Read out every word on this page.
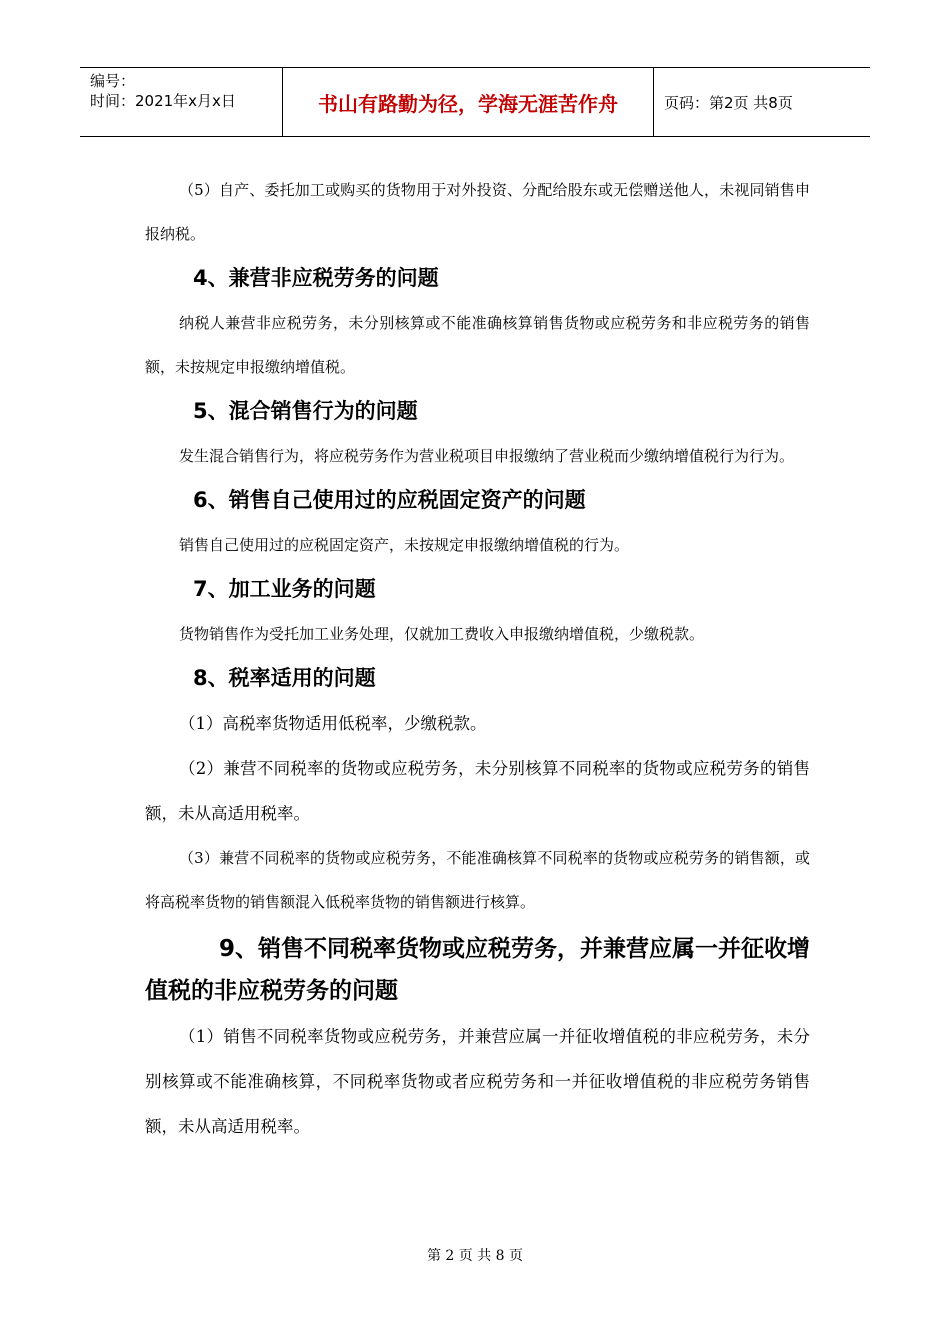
编号：
时间：2021年x月x日	书山有路勤为径，学海无涯苦作舟	页码：第2页 共8页

（5）自产、委托加工或购买的货物用于对外投资、分配给股东或无偿赠送他人，未视同销售申报纳税。

4、兼营非应税劳务的问题

纳税人兼营非应税劳务，未分别核算或不能准确核算销售货物或应税劳务和非应税劳务的销售额，未按规定申报缴纳增值税。

5、混合销售行为的问题

发生混合销售行为，将应税劳务作为营业税项目申报缴纳了营业税而少缴纳增值税行为行为。

6、销售自己使用过的应税固定资产的问题

销售自己使用过的应税固定资产，未按规定申报缴纳增值税的行为。

7、加工业务的问题

货物销售作为受托加工业务处理，仅就加工费收入申报缴纳增值税，少缴税款。

8、税率适用的问题

（1）高税率货物适用低税率，少缴税款。

（2）兼营不同税率的货物或应税劳务，未分别核算不同税率的货物或应税劳务的销售额，未从高适用税率。

（3）兼营不同税率的货物或应税劳务，不能准确核算不同税率的货物或应税劳务的销售额，或将高税率货物的销售额混入低税率货物的销售额进行核算。

9、销售不同税率货物或应税劳务，并兼营应属一并征收增值税的非应税劳务的问题

（1）销售不同税率货物或应税劳务，并兼营应属一并征收增值税的非应税劳务，未分别核算或不能准确核算，不同税率货物或者应税劳务和一并征收增值税的非应税劳务销售额，未从高适用税率。

第 2 页 共 8 页
